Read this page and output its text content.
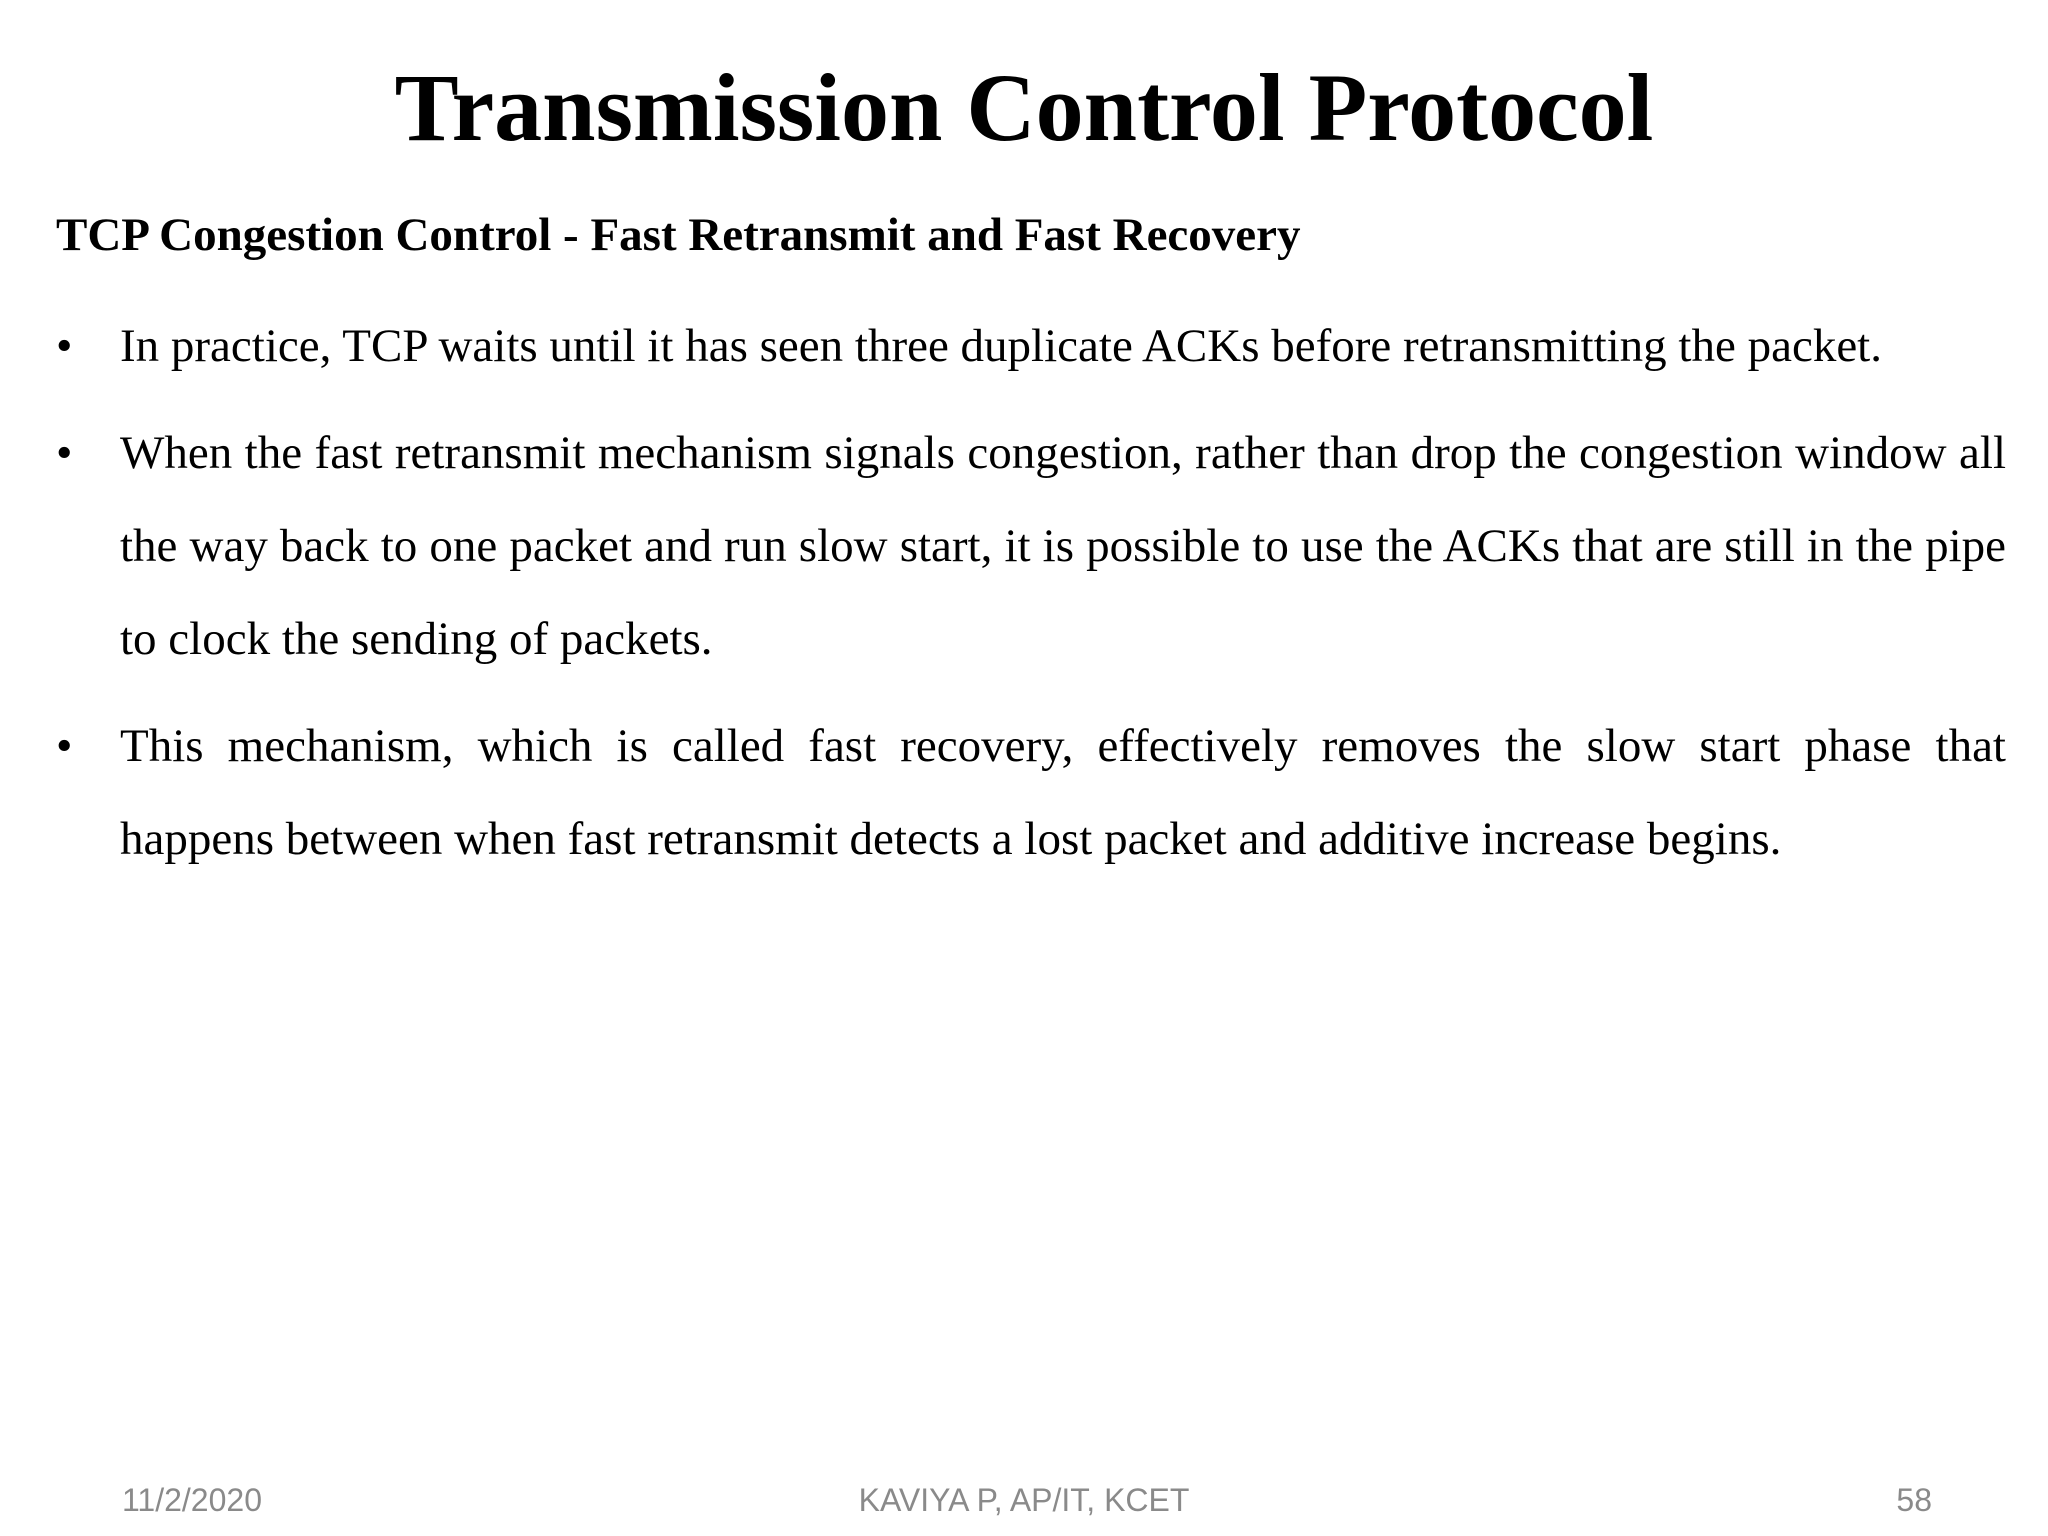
Transmission Control Protocol

TCP Congestion Control - Fast Retransmit and Fast Recovery

• In practice, TCP waits until it has seen three duplicate ACKs before retransmitting the packet.
• When the fast retransmit mechanism signals congestion, rather than drop the congestion window all the way back to one packet and run slow start, it is possible to use the ACKs that are still in the pipe to clock the sending of packets.
• This mechanism, which is called fast recovery, effectively removes the slow start phase that happens between when fast retransmit detects a lost packet and additive increase begins.
11/2/2020	KAVIYA P, AP/IT, KCET	58
